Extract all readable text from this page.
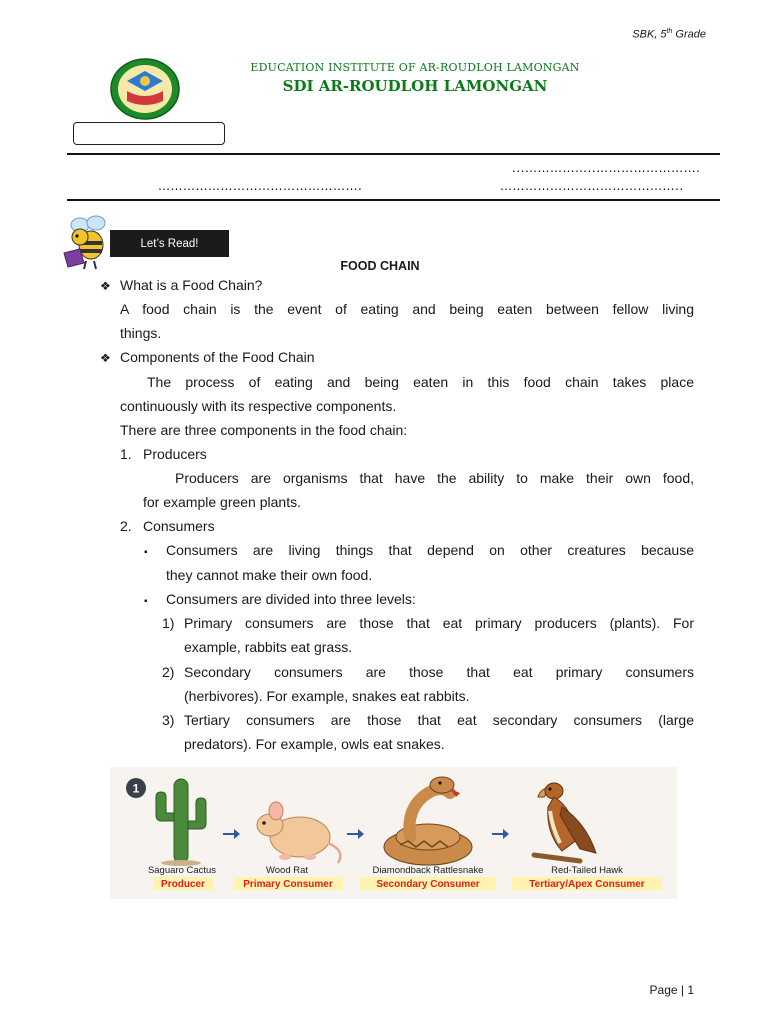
SBK, 5th Grade
EDUCATION INSTITUTE OF AR-ROUDLOH LAMONGAN
SDI AR-ROUDLOH LAMONGAN
...……………..…………………….
………………………………………….	……………………………………..
Let’s Read!
FOOD CHAIN
❖ What is a Food Chain?
A food chain is the event of eating and being eaten between fellow living
things.
❖ Components of the Food Chain
The process of eating and being eaten in this food chain takes place
continuously with its respective components.
There are three components in the food chain:
1. Producers
Producers are organisms that have the ability to make their own food,
for example green plants.
2. Consumers
▪ Consumers are living things that depend on other creatures because
they cannot make their own food.
▪ Consumers are divided into three levels:
1) Primary consumers are those that eat primary producers (plants). For
example, rabbits eat grass.
2) Secondary consumers are those that eat primary consumers
(herbivores). For example, snakes eat rabbits.
3) Tertiary consumers are those that eat secondary consumers (large
predators). For example, owls eat snakes.
1
Saguaro Cactus	Wood Rat	Diamondback Rattlesnake	Red-Tailed Hawk
Producer	Primary Consumer	Secondary Consumer	Tertiary/Apex Consumer
Page | 1
